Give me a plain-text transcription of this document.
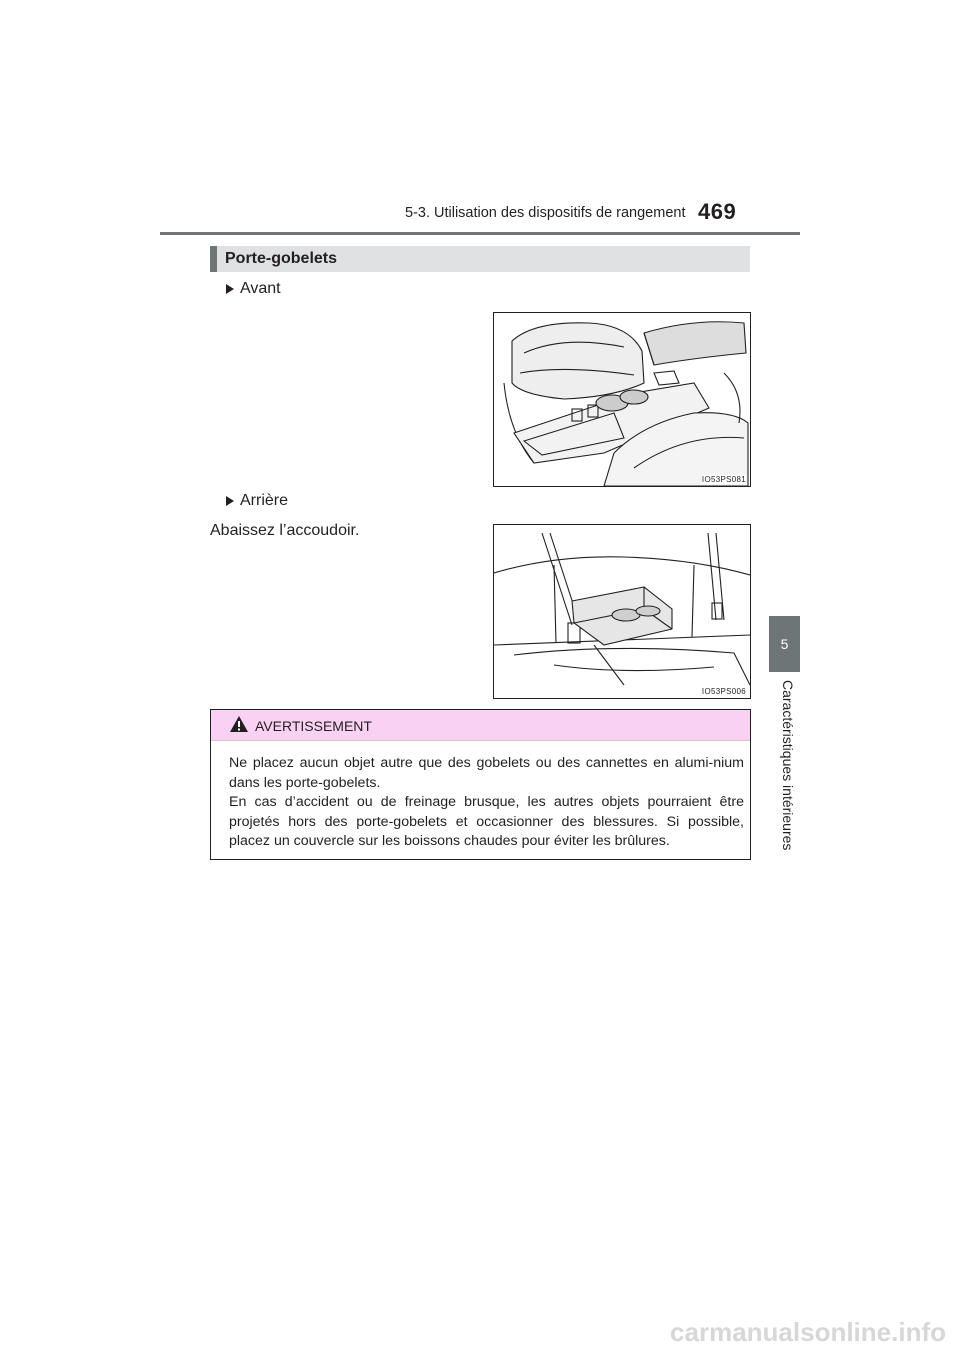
5-3. Utilisation des dispositifs de rangement 469
5
Caractéristiques intérieures
Porte-gobelets
Avant
IO53PS081
Arrière
Abaissez l’accoudoir.
IO53PS006
AVERTISSEMENT

Ne placez aucun objet autre que des gobelets ou des cannettes en alumi-nium dans les porte-gobelets.

En cas d’accident ou de freinage brusque, les autres objets pourraient être projetés hors des porte-gobelets et occasionner des blessures. Si possible, placez un couvercle sur les boissons chaudes pour éviter les brûlures.

carmanualsonline.info
